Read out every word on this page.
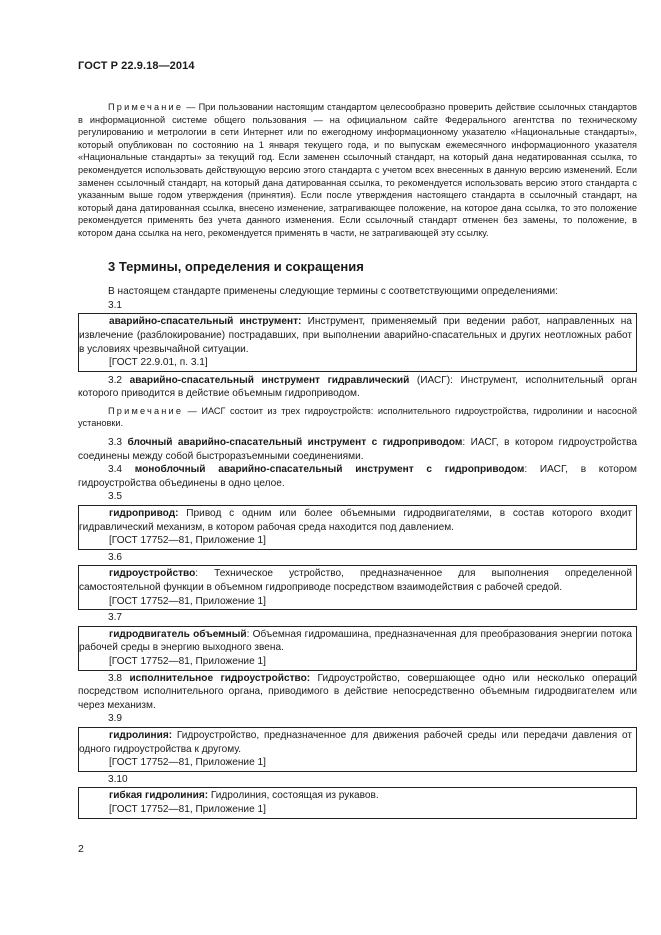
ГОСТ Р 22.9.18—2014

Примечание — При пользовании настоящим стандартом целесообразно проверить действие ссылочных стандартов в информационной системе общего пользования — на официальном сайте Федерального агентства по техническому регулированию и метрологии в сети Интернет или по ежегодному информационному указателю «Национальные стандарты», который опубликован по состоянию на 1 января текущего года, и по выпускам ежемесячного информационного указателя «Национальные стандарты» за текущий год. Если заменен ссылочный стандарт, на который дана недатированная ссылка, то рекомендуется использовать действующую версию этого стандарта с учетом всех внесенных в данную версию изменений. Если заменен ссылочный стандарт, на который дана датированная ссылка, то рекомендуется использовать версию этого стандарта с указанным выше годом утверждения (принятия). Если после утверждения настоящего стандарта в ссылочный стандарт, на который дана датированная ссылка, внесено изменение, затрагивающее положение, на которое дана ссылка, то это положение рекомендуется применять без учета данного изменения. Если ссылочный стандарт отменен без замены, то положение, в котором дана ссылка на него, рекомендуется применять в части, не затрагивающей эту ссылку.

3 Термины, определения и сокращения

В настоящем стандарте применены следующие термины с соответствующими определениями:

3.1

аварийно-спасательный инструмент: Инструмент, применяемый при ведении работ, направленных на извлечение (разблокирование) пострадавших, при выполнении аварийно-спасательных и других неотложных работ в условиях чрезвычайной ситуации.

[ГОСТ 22.9.01, п. 3.1]

3.2 аварийно-спасательный инструмент гидравлический (ИАСГ): Инструмент, исполнительный орган которого приводится в действие объемным гидроприводом.

Примечание — ИАСГ состоит из трех гидроустройств: исполнительного гидроустройства, гидролинии и насосной установки.

3.3 блочный аварийно-спасательный инструмент с гидроприводом: ИАСГ, в котором гидроустройства соединены между собой быстроразъемными соединениями.

3.4 моноблочный аварийно-спасательный инструмент с гидроприводом: ИАСГ, в котором гидроустройства объединены в одно целое.

3.5

гидропривод: Привод с одним или более объемными гидродвигателями, в состав которого входит гидравлический механизм, в котором рабочая среда находится под давлением.

[ГОСТ 17752—81, Приложение 1]

3.6

гидроустройство: Техническое устройство, предназначенное для выполнения определенной самостоятельной функции в объемном гидроприводе посредством взаимодействия с рабочей средой.

[ГОСТ 17752—81, Приложение 1]

3.7

гидродвигатель объемный: Объемная гидромашина, предназначенная для преобразования энергии потока рабочей среды в энергию выходного звена.

[ГОСТ 17752—81, Приложение 1]

3.8 исполнительное гидроустройство: Гидроустройство, совершающее одно или несколько операций посредством исполнительного органа, приводимого в действие непосредственно объемным гидродвигателем или через механизм.

3.9

гидролиния: Гидроустройство, предназначенное для движения рабочей среды или передачи давления от одного гидроустройства к другому.

[ГОСТ 17752—81, Приложение 1]

3.10

гибкая гидролиния: Гидролиния, состоящая из рукавов.

[ГОСТ 17752—81, Приложение 1]

2
